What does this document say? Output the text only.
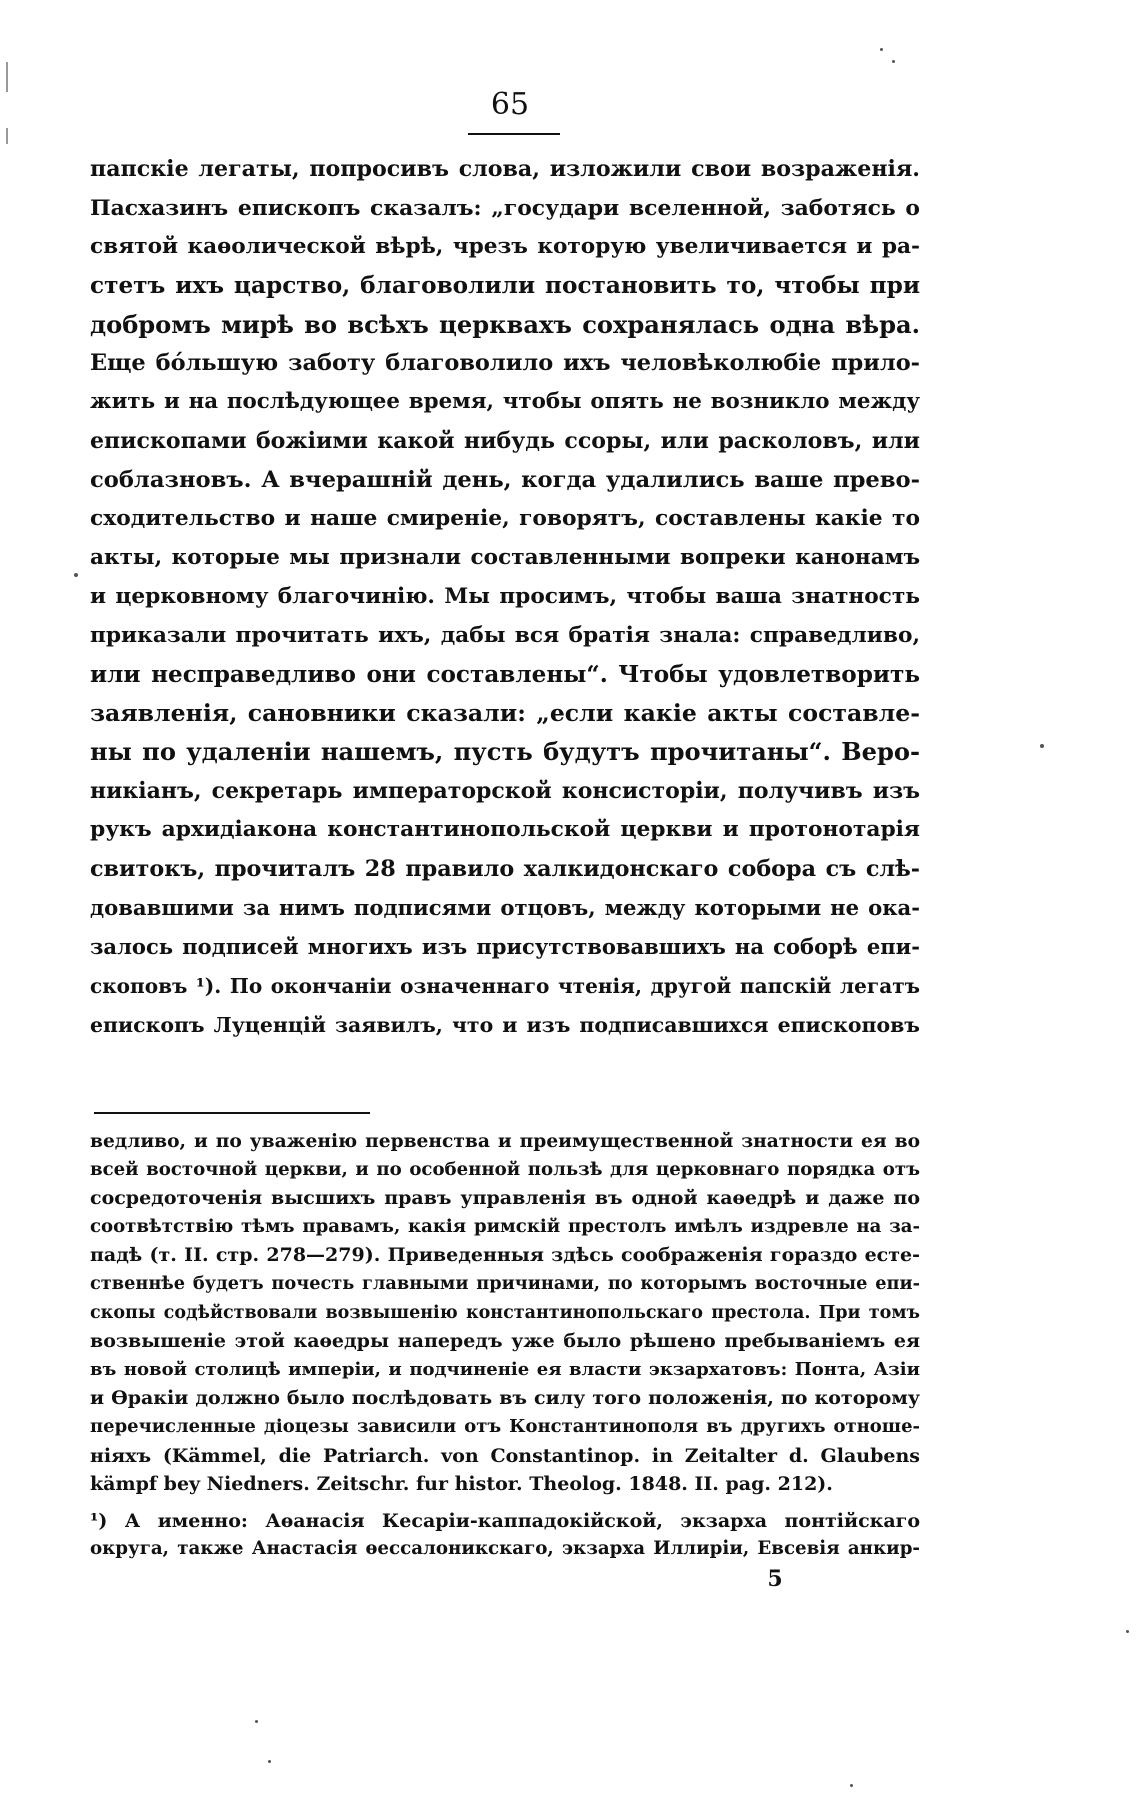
65
папскіе легаты, попросивъ слова, изложили свои возраженія.
Пасхазинъ епископъ сказалъ: „государи вселенной, заботясь о
святой каѳолической вѣрѣ, чрезъ которую увеличивается и ра-
стетъ ихъ царство, благоволили постановить то, чтобы при
добромъ мирѣ во всѣхъ церквахъ сохранялась одна вѣра.
Еще бо́льшую заботу благоволило ихъ человѣколюбіе прило-
жить и на послѣдующее время, чтобы опять не возникло между
епископами божіими какой нибудь ссоры, или расколовъ, или
соблазновъ. А вчерашній день, когда удалились ваше прево-
сходительство и наше смиреніе, говорятъ, составлены какіе то
акты, которые мы признали составленными вопреки канонамъ
и церковному благочинію. Мы просимъ, чтобы ваша знатность
приказали прочитать ихъ, дабы вся братія знала: справедливо,
или несправедливо они составлены“. Чтобы удовлетворить
заявленія, сановники сказали: „если какіе акты составле-
ны по удаленіи нашемъ, пусть будутъ прочитаны“. Веро-
никіанъ, секретарь императорской консисторіи, получивъ изъ
рукъ архидіакона константинопольской церкви и протонотарія
свитокъ, прочиталъ 28 правило халкидонскаго собора съ слѣ-
довавшими за нимъ подписями отцовъ, между которыми не ока-
залось подписей многихъ изъ присутствовавшихъ на соборѣ епи-
скоповъ ¹). По окончаніи означеннаго чтенія, другой папскій легатъ
епископъ Луценцій заявилъ, что и изъ подписавшихся епископовъ
ведливо, и по уваженію первенства и преимущественной знатности ея во
всей восточной церкви, и по особенной пользѣ для церковнаго порядка отъ
сосредоточенія высшихъ правъ управленія въ одной каѳедрѣ и даже по
соотвѣтствію тѣмъ правамъ, какія римскій престолъ имѣлъ издревле на за-
падѣ (т. II. стр. 278—279). Приведенныя здѣсь соображенія гораздо есте-
ственнѣе будетъ почесть главными причинами, по которымъ восточные епи-
скопы содѣйствовали возвышенію константинопольскаго престола. При томъ
возвышеніе этой каѳедры напередъ уже было рѣшено пребываніемъ ея
въ новой столицѣ имперіи, и подчиненіе ея власти экзархатовъ: Понта, Азіи
и Ѳракіи должно было послѣдовать въ силу того положенія, по которому
перечисленные діоцезы зависили отъ Константинополя въ другихъ отноше-
ніяхъ (Kämmel, die Patriarch. von Constantinop. in Zeitalter d. Glaubens
kämpf bey Niedners. Zeitschr. fur histor. Theolog. 1848. II. pag. 212).
¹) А именно: Аѳанасія Кесаріи-каппадокійской, экзарха понтійскаго
округа, также Анастасія ѳессалоникскаго, экзарха Иллиріи, Евсевія анкир-
5
